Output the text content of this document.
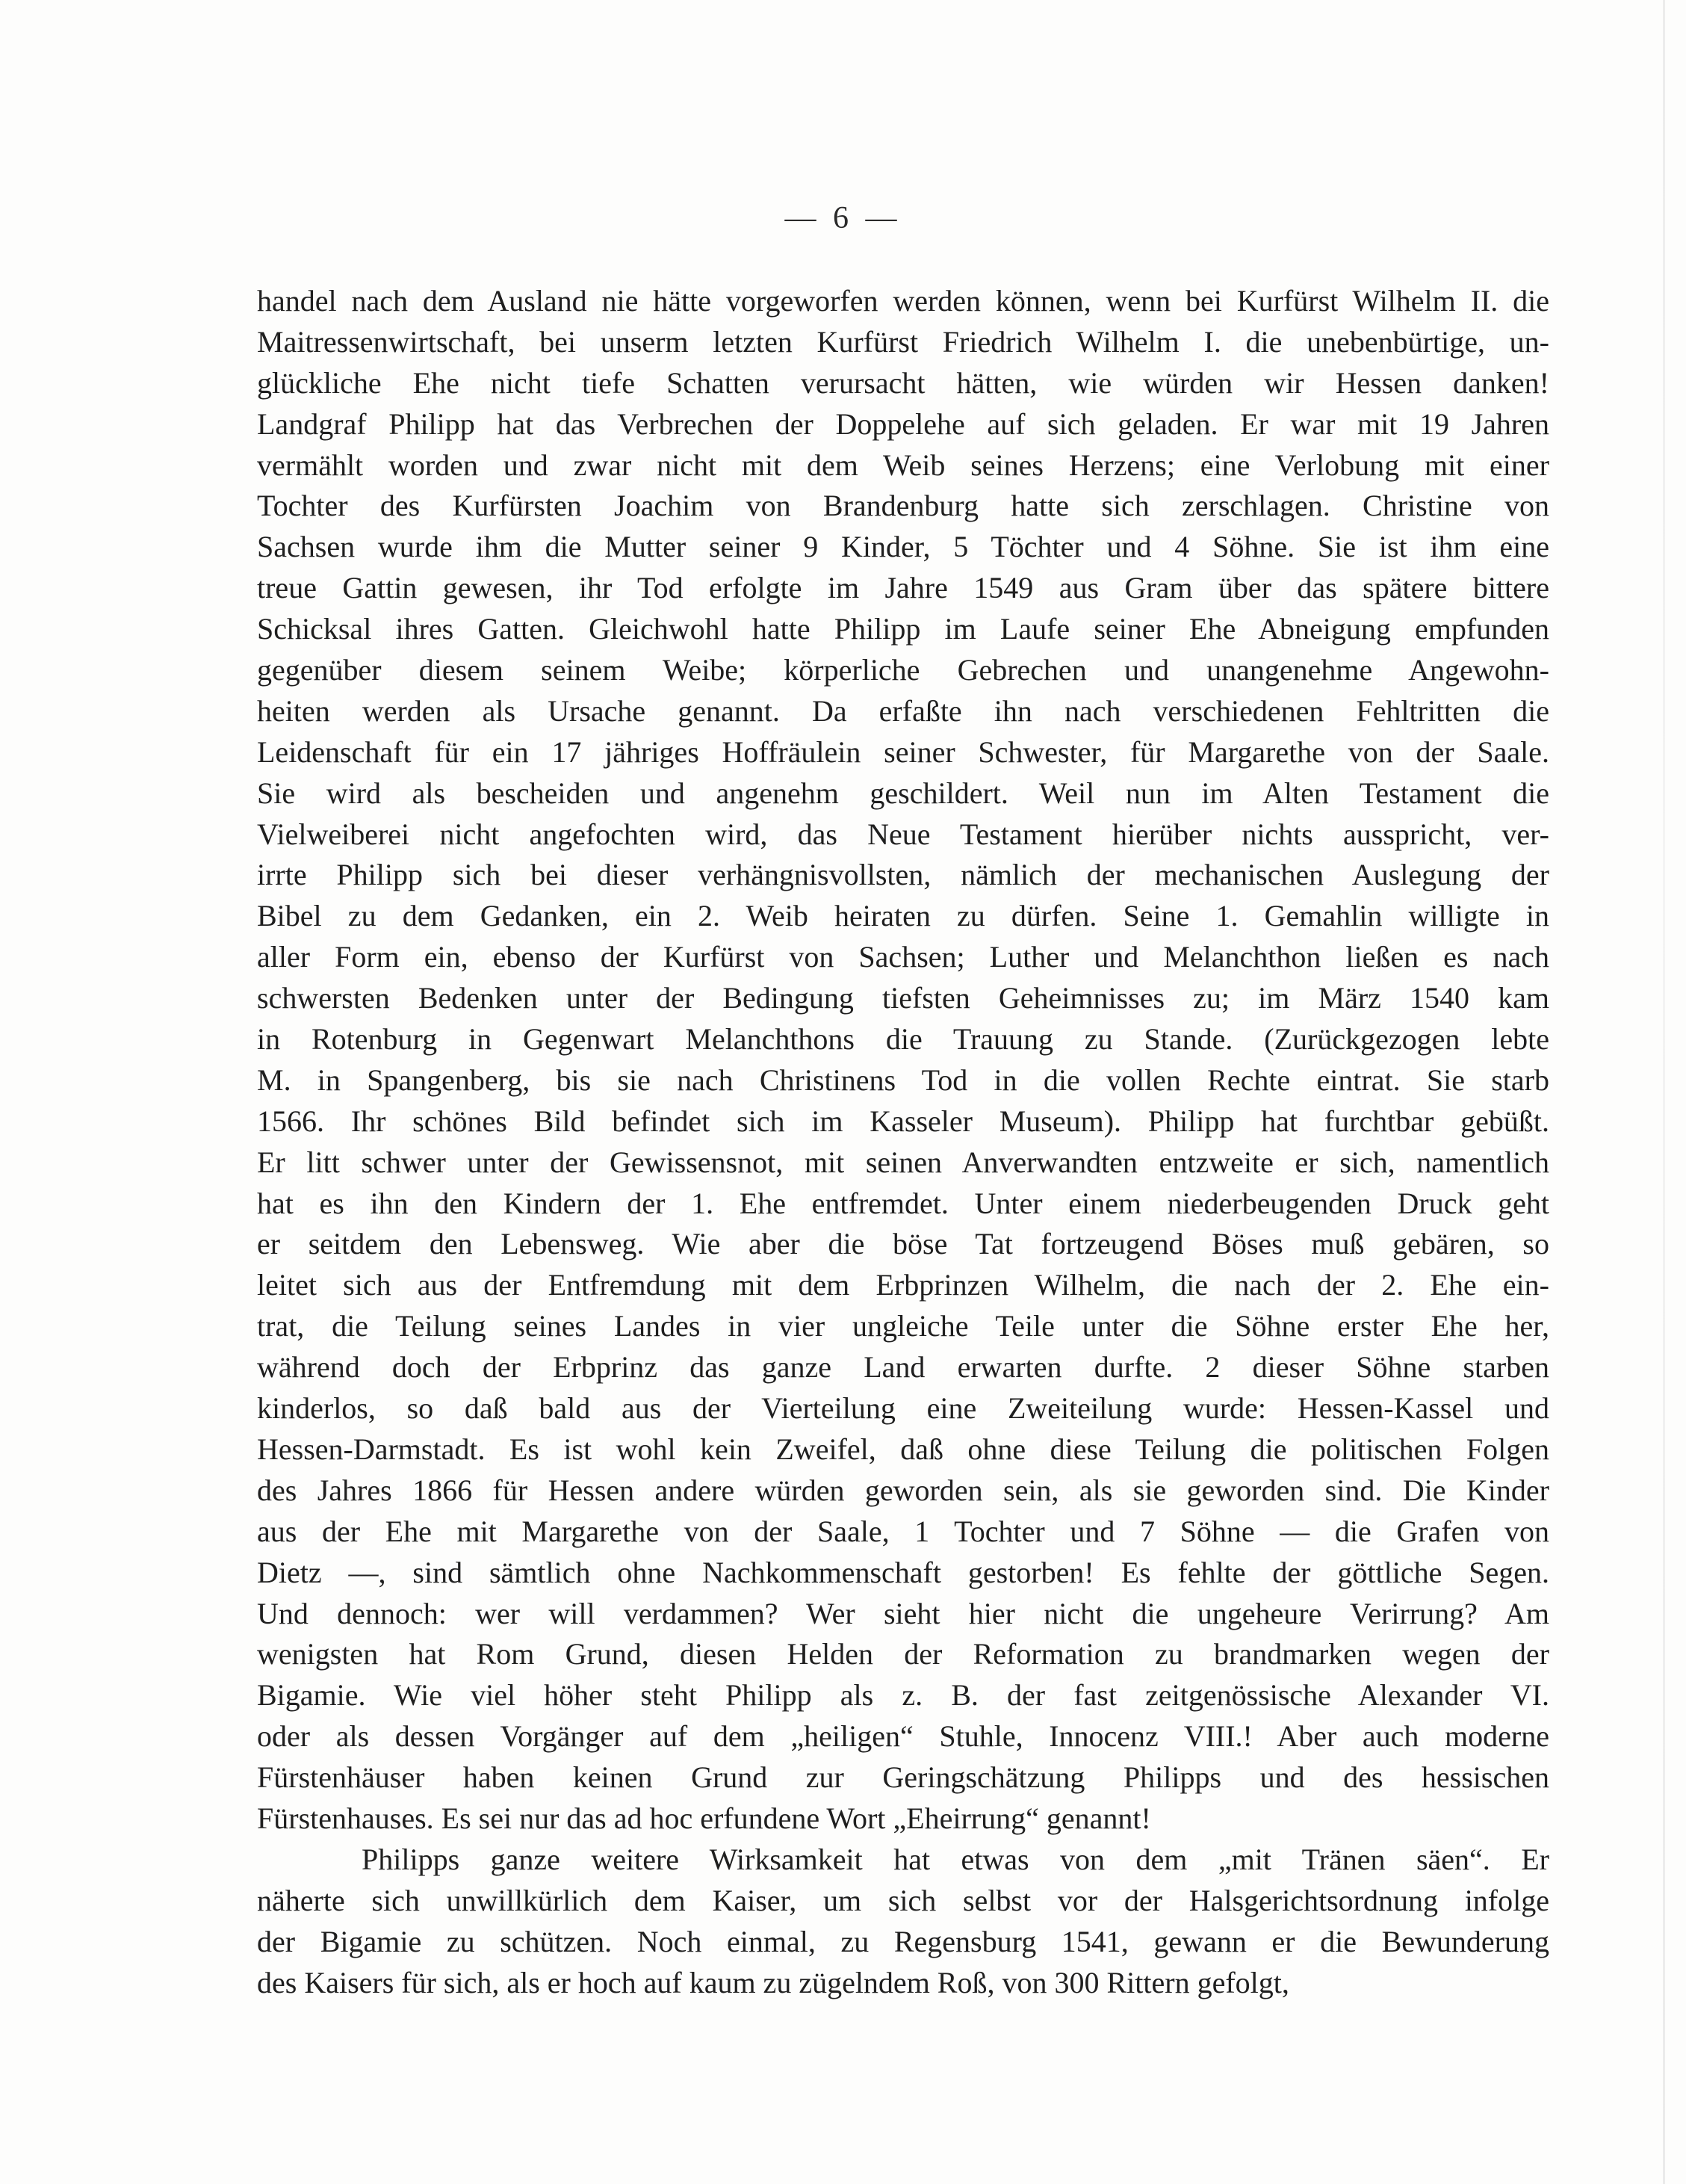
— 6 —
handel nach dem Ausland nie hätte vorgeworfen werden können, wenn bei Kurfürst Wilhelm II. die
Maitressenwirtschaft, bei unserm letzten Kurfürst Friedrich Wilhelm I. die unebenbürtige, un-
glückliche Ehe nicht tiefe Schatten verursacht hätten, wie würden wir Hessen danken!
Landgraf Philipp hat das Verbrechen der Doppelehe auf sich geladen. Er war mit 19 Jahren
vermählt worden und zwar nicht mit dem Weib seines Herzens; eine Verlobung mit einer
Tochter des Kurfürsten Joachim von Brandenburg hatte sich zerschlagen. Christine von
Sachsen wurde ihm die Mutter seiner 9 Kinder, 5 Töchter und 4 Söhne. Sie ist ihm eine
treue Gattin gewesen, ihr Tod erfolgte im Jahre 1549 aus Gram über das spätere bittere
Schicksal ihres Gatten. Gleichwohl hatte Philipp im Laufe seiner Ehe Abneigung empfunden
gegenüber diesem seinem Weibe; körperliche Gebrechen und unangenehme Angewohn-
heiten werden als Ursache genannt. Da erfaßte ihn nach verschiedenen Fehltritten die
Leidenschaft für ein 17 jähriges Hoffräulein seiner Schwester, für Margarethe von der Saale.
Sie wird als bescheiden und angenehm geschildert. Weil nun im Alten Testament die
Vielweiberei nicht angefochten wird, das Neue Testament hierüber nichts ausspricht, ver-
irrte Philipp sich bei dieser verhängnisvollsten, nämlich der mechanischen Auslegung der
Bibel zu dem Gedanken, ein 2. Weib heiraten zu dürfen. Seine 1. Gemahlin willigte in
aller Form ein, ebenso der Kurfürst von Sachsen; Luther und Melanchthon ließen es nach
schwersten Bedenken unter der Bedingung tiefsten Geheimnisses zu; im März 1540 kam
in Rotenburg in Gegenwart Melanchthons die Trauung zu Stande. (Zurückgezogen lebte
M. in Spangenberg, bis sie nach Christinens Tod in die vollen Rechte eintrat. Sie starb
1566. Ihr schönes Bild befindet sich im Kasseler Museum). Philipp hat furchtbar gebüßt.
Er litt schwer unter der Gewissensnot, mit seinen Anverwandten entzweite er sich, namentlich
hat es ihn den Kindern der 1. Ehe entfremdet. Unter einem niederbeugenden Druck geht
er seitdem den Lebensweg. Wie aber die böse Tat fortzeugend Böses muß gebären, so
leitet sich aus der Entfremdung mit dem Erbprinzen Wilhelm, die nach der 2. Ehe ein-
trat, die Teilung seines Landes in vier ungleiche Teile unter die Söhne erster Ehe her,
während doch der Erbprinz das ganze Land erwarten durfte. 2 dieser Söhne starben
kinderlos, so daß bald aus der Vierteilung eine Zweiteilung wurde: Hessen-Kassel und
Hessen-Darmstadt. Es ist wohl kein Zweifel, daß ohne diese Teilung die politischen Folgen
des Jahres 1866 für Hessen andere würden geworden sein, als sie geworden sind. Die Kinder
aus der Ehe mit Margarethe von der Saale, 1 Tochter und 7 Söhne — die Grafen von
Dietz —, sind sämtlich ohne Nachkommenschaft gestorben! Es fehlte der göttliche Segen.
Und dennoch: wer will verdammen? Wer sieht hier nicht die ungeheure Verirrung? Am
wenigsten hat Rom Grund, diesen Helden der Reformation zu brandmarken wegen der
Bigamie. Wie viel höher steht Philipp als z. B. der fast zeitgenössische Alexander VI.
oder als dessen Vorgänger auf dem „heiligen“ Stuhle, Innocenz VIII.! Aber auch moderne
Fürstenhäuser haben keinen Grund zur Geringschätzung Philipps und des hessischen
Fürstenhauses. Es sei nur das ad hoc erfundene Wort „Eheirrung“ genannt!
Philipps ganze weitere Wirksamkeit hat etwas von dem „mit Tränen säen“. Er
näherte sich unwillkürlich dem Kaiser, um sich selbst vor der Halsgerichtsordnung infolge
der Bigamie zu schützen. Noch einmal, zu Regensburg 1541, gewann er die Bewunderung
des Kaisers für sich, als er hoch auf kaum zu zügelndem Roß, von 300 Rittern gefolgt,
